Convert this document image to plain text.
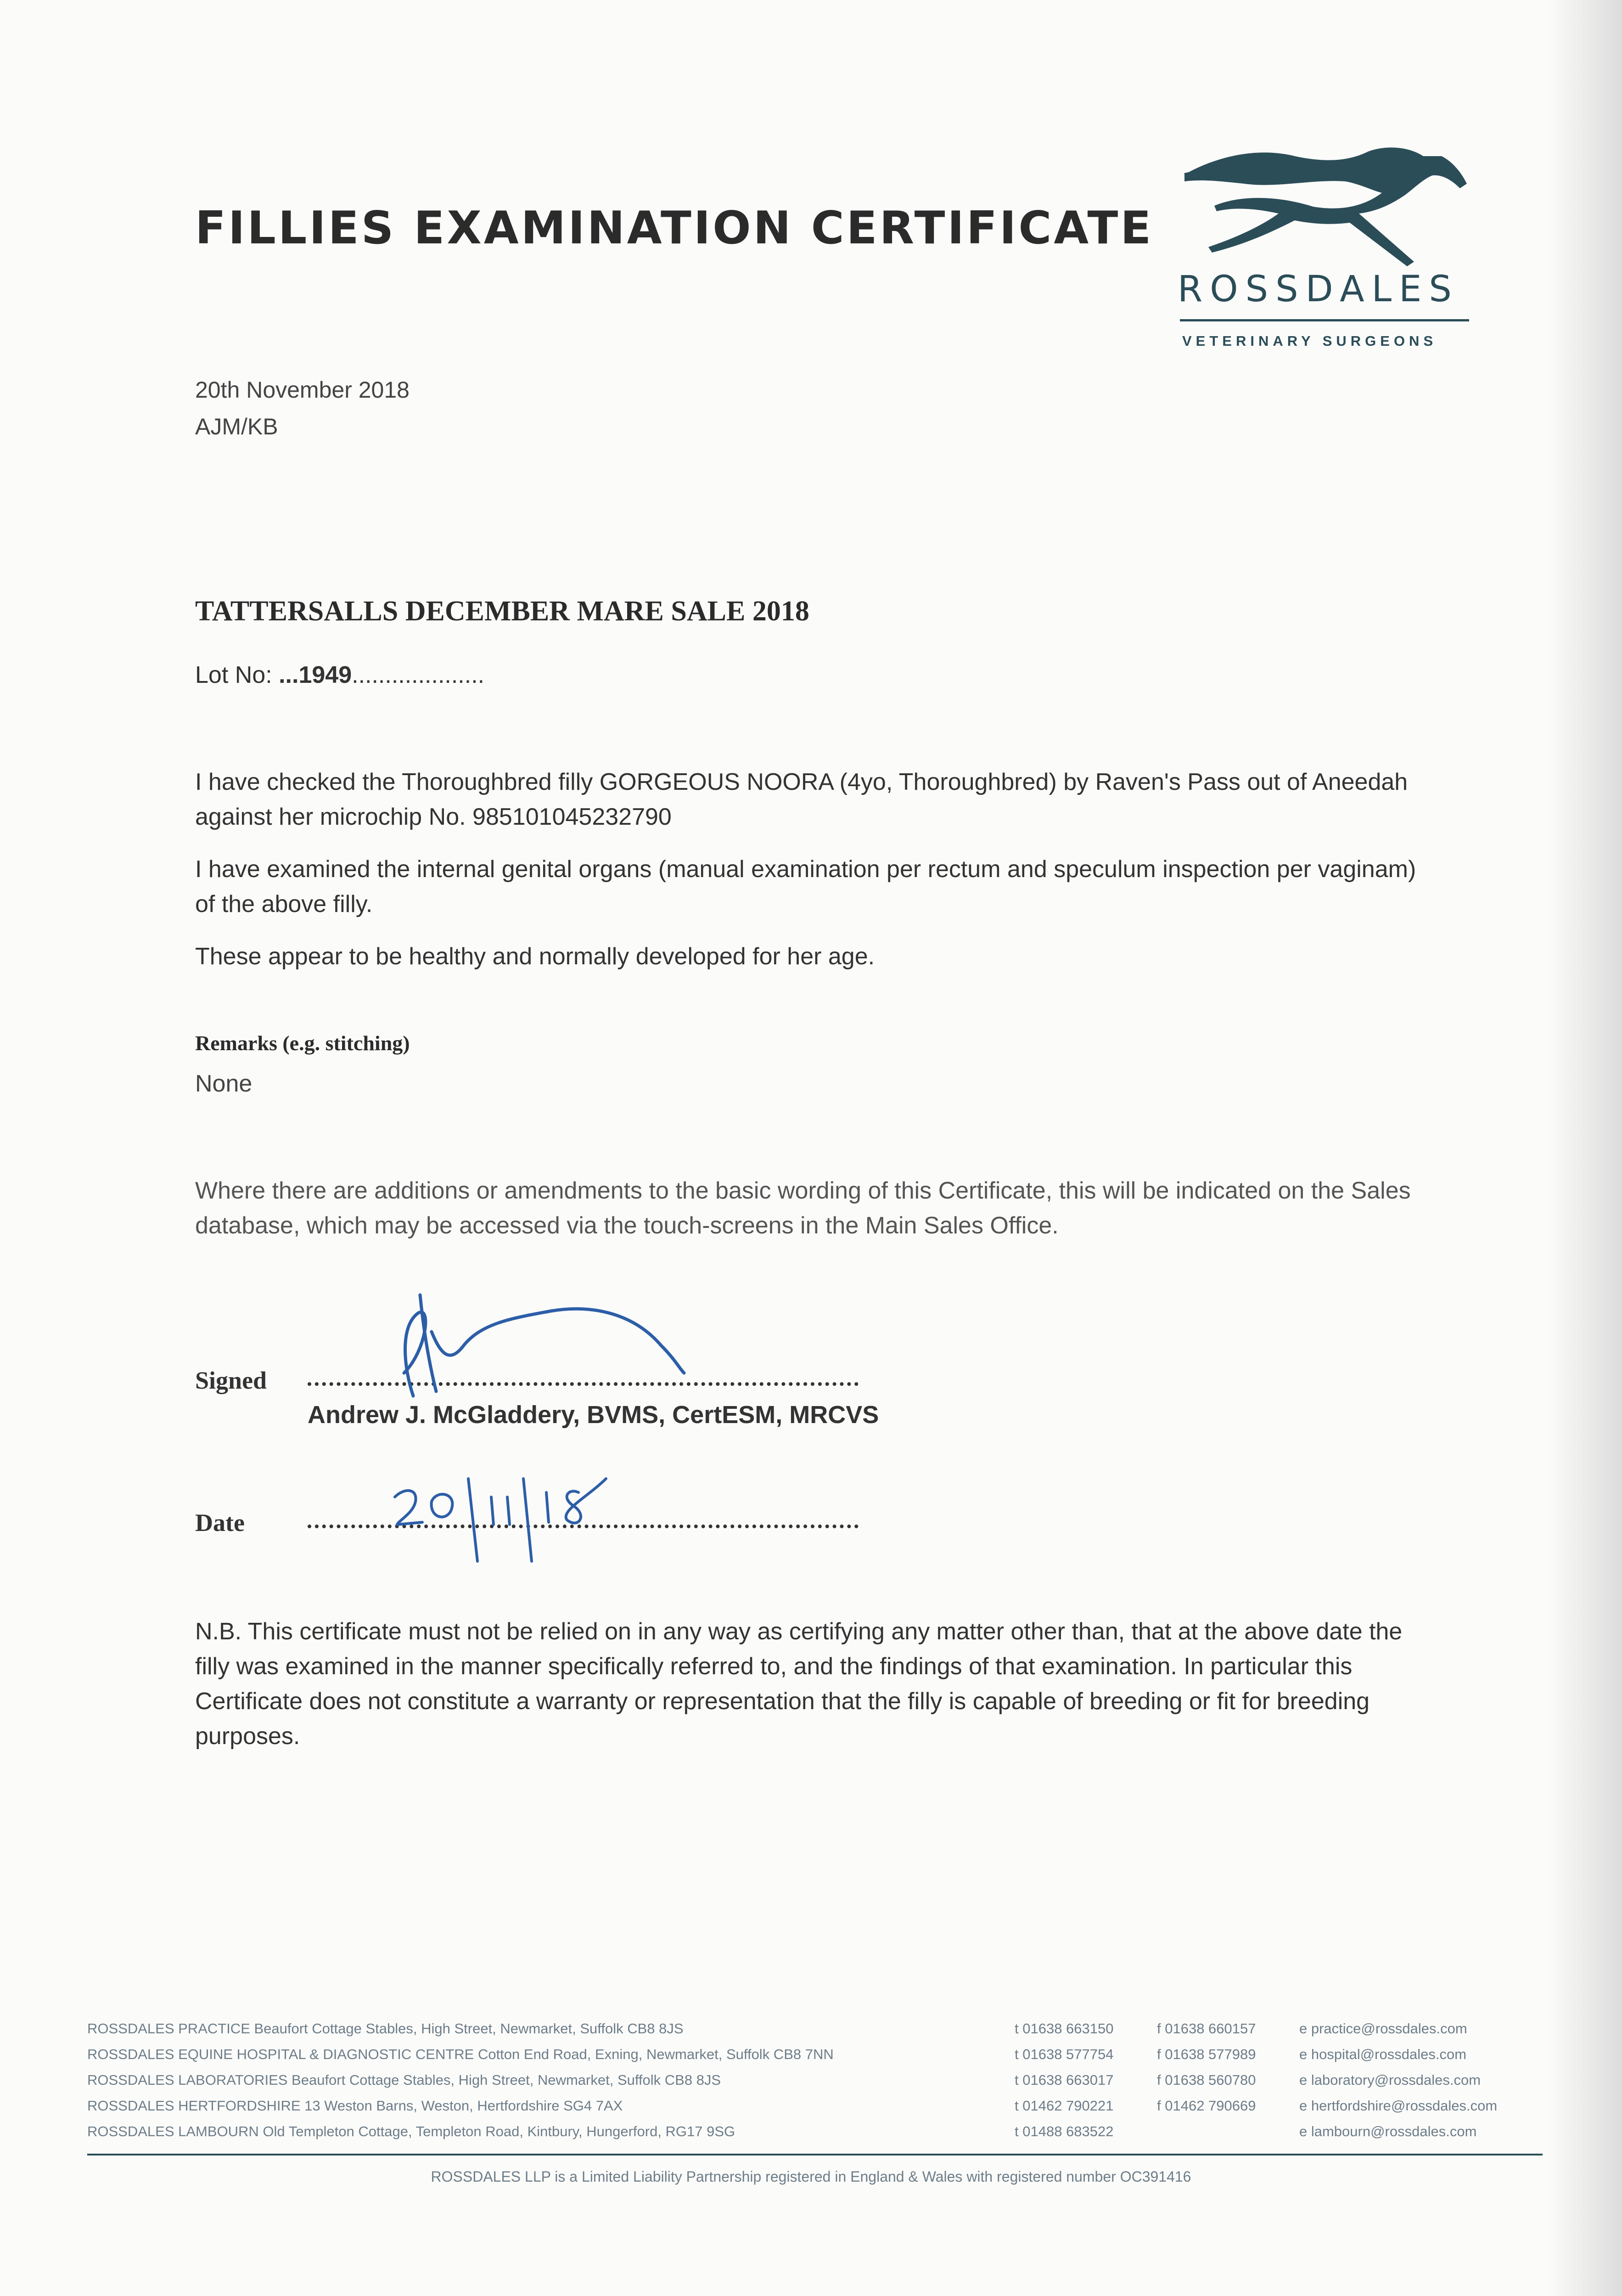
FILLIES EXAMINATION CERTIFICATE
ROSSDALES
VETERINARY SURGEONS
20th November 2018
AJM/KB
TATTERSALLS DECEMBER MARE SALE 2018
Lot No: ...1949....................
I have checked the Thoroughbred filly GORGEOUS NOORA (4yo, Thoroughbred) by Raven's Pass out of Aneedah against her microchip No. 985101045232790
I have examined the internal genital organs (manual examination per rectum and speculum inspection per vaginam) of the above filly.
These appear to be healthy and normally developed for her age.
Remarks (e.g. stitching)
None
Where there are additions or amendments to the basic wording of this Certificate, this will be indicated on the Sales database, which may be accessed via the touch-screens in the Main Sales Office.
Signed
Andrew J. McGladdery, BVMS, CertESM, MRCVS
Date
N.B. This certificate must not be relied on in any way as certifying any matter other than, that at the above date the filly was examined in the manner specifically referred to, and the findings of that examination. In particular this Certificate does not constitute a warranty or representation that the filly is capable of breeding or fit for breeding purposes.
ROSSDALES PRACTICE Beaufort Cottage Stables, High Street, Newmarket, Suffolk CB8 8JS	t 01638 663150	f 01638 660157	e practice@rossdales.com
ROSSDALES EQUINE HOSPITAL & DIAGNOSTIC CENTRE Cotton End Road, Exning, Newmarket, Suffolk CB8 7NN	t 01638 577754	f 01638 577989	e hospital@rossdales.com
ROSSDALES LABORATORIES Beaufort Cottage Stables, High Street, Newmarket, Suffolk CB8 8JS	t 01638 663017	f 01638 560780	e laboratory@rossdales.com
ROSSDALES HERTFORDSHIRE 13 Weston Barns, Weston, Hertfordshire SG4 7AX	t 01462 790221	f 01462 790669	e hertfordshire@rossdales.com
ROSSDALES LAMBOURN Old Templeton Cottage, Templeton Road, Kintbury, Hungerford, RG17 9SG	t 01488 683522	e lambourn@rossdales.com
ROSSDALES LLP is a Limited Liability Partnership registered in England & Wales with registered number OC391416
